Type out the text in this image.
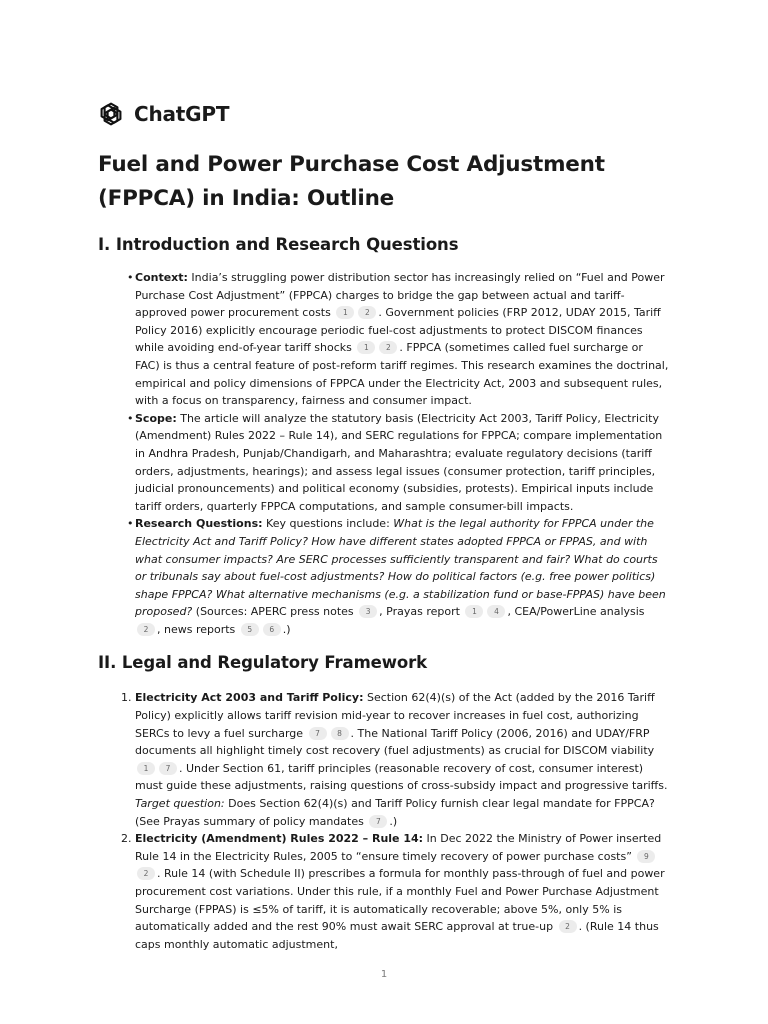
ChatGPT
Fuel and Power Purchase Cost Adjustment (FPPCA) in India: Outline
I. Introduction and Research Questions
• Context: India’s struggling power distribution sector has increasingly relied on “Fuel and Power Purchase Cost Adjustment” (FPPCA) charges to bridge the gap between actual and tariff-approved power procurement costs 1 2 . Government policies (FRP 2012, UDAY 2015, Tariff Policy 2016) explicitly encourage periodic fuel-cost adjustments to protect DISCOM finances while avoiding end-of-year tariff shocks 1 2 . FPPCA (sometimes called fuel surcharge or FAC) is thus a central feature of post-reform tariff regimes. This research examines the doctrinal, empirical and policy dimensions of FPPCA under the Electricity Act, 2003 and subsequent rules, with a focus on transparency, fairness and consumer impact.
• Scope: The article will analyze the statutory basis (Electricity Act 2003, Tariff Policy, Electricity (Amendment) Rules 2022 – Rule 14), and SERC regulations for FPPCA; compare implementation in Andhra Pradesh, Punjab/Chandigarh, and Maharashtra; evaluate regulatory decisions (tariff orders, adjustments, hearings); and assess legal issues (consumer protection, tariff principles, judicial pronouncements) and political economy (subsidies, protests). Empirical inputs include tariff orders, quarterly FPPCA computations, and sample consumer-bill impacts.
• Research Questions: Key questions include: What is the legal authority for FPPCA under the Electricity Act and Tariff Policy? How have different states adopted FPPCA or FPPAS, and with what consumer impacts? Are SERC processes sufficiently transparent and fair? What do courts or tribunals say about fuel-cost adjustments? How do political factors (e.g. free power politics) shape FPPCA? What alternative mechanisms (e.g. a stabilization fund or base-FPPAS) have been proposed? (Sources: APERC press notes 3 , Prayas report 1 4 , CEA/PowerLine analysis 2 , news reports 5 6 .)
II. Legal and Regulatory Framework
1. Electricity Act 2003 and Tariff Policy: Section 62(4)(s) of the Act (added by the 2016 Tariff Policy) explicitly allows tariff revision mid-year to recover increases in fuel cost, authorizing SERCs to levy a fuel surcharge 7 8 . The National Tariff Policy (2006, 2016) and UDAY/FRP documents all highlight timely cost recovery (fuel adjustments) as crucial for DISCOM viability 1 7 . Under Section 61, tariff principles (reasonable recovery of cost, consumer interest) must guide these adjustments, raising questions of cross-subsidy impact and progressive tariffs. Target question: Does Section 62(4)(s) and Tariff Policy furnish clear legal mandate for FPPCA? (See Prayas summary of policy mandates 7 .)
2. Electricity (Amendment) Rules 2022 – Rule 14: In Dec 2022 the Ministry of Power inserted Rule 14 in the Electricity Rules, 2005 to “ensure timely recovery of power purchase costs” 92 . Rule 14 (with Schedule II) prescribes a formula for monthly pass-through of fuel and power procurement cost variations. Under this rule, if a monthly Fuel and Power Purchase Adjustment Surcharge (FPPAS) is ≤5% of tariff, it is automatically recoverable; above 5%, only 5% is automatically added and the rest 90% must await SERC approval at true-up 2 . (Rule 14 thus caps monthly automatic adjustment,
1
